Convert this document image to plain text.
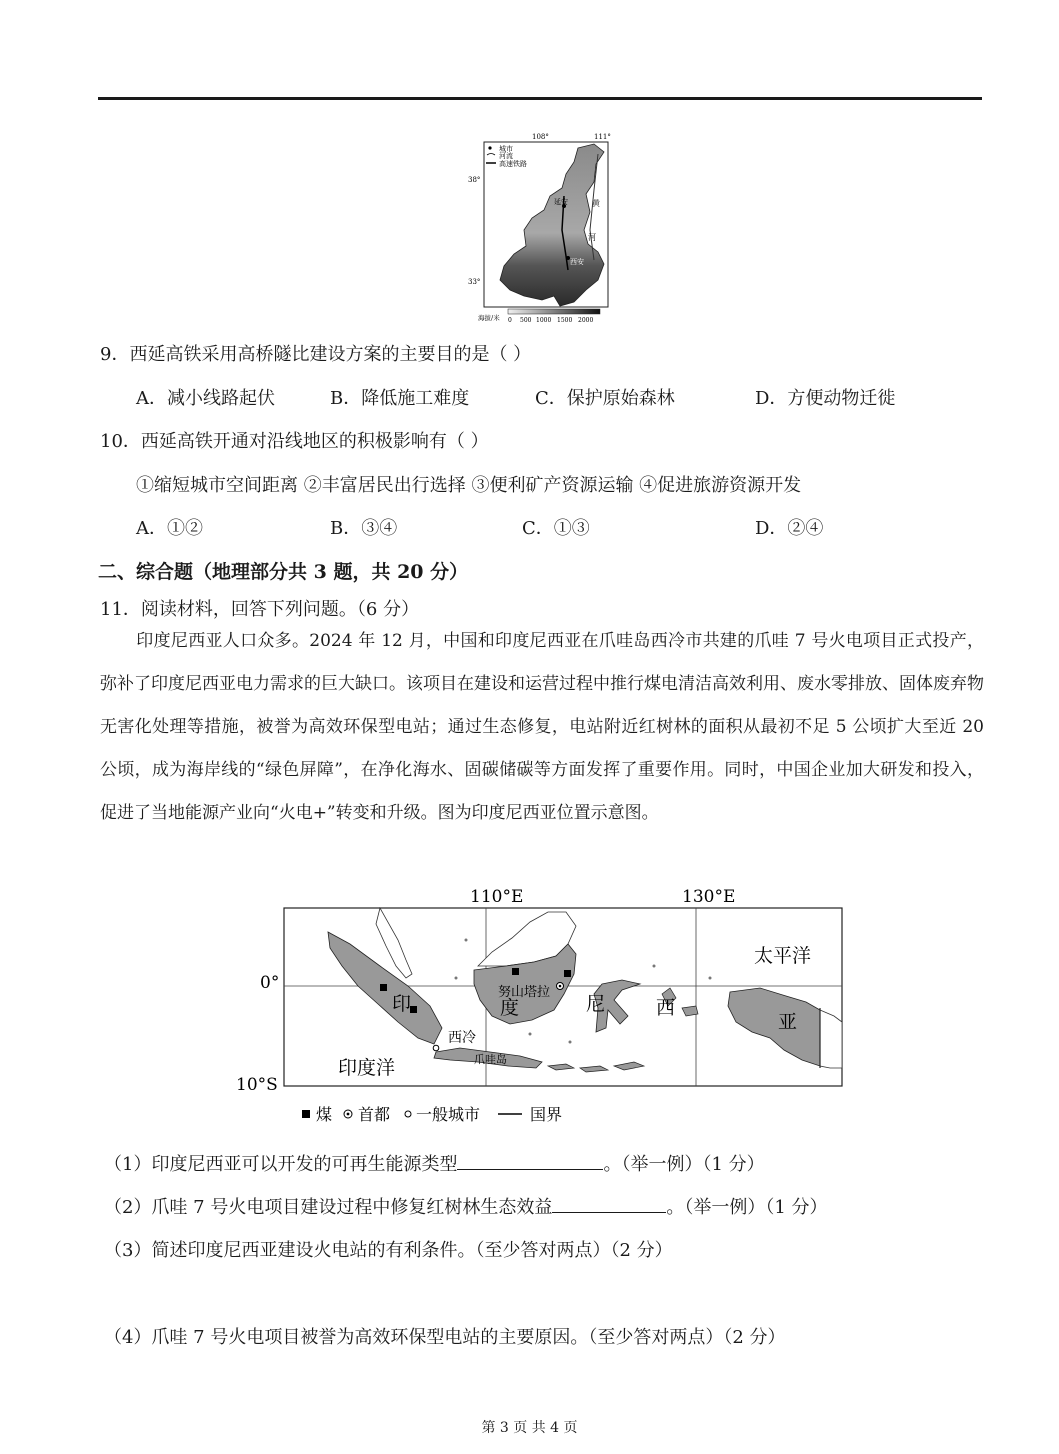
城市
河流
高速铁路
108°	111°
38°
33°
延安
西安
黄
河
海拔/米 0 500 1000 1500 2000
9．西延高铁采用高桥隧比建设方案的主要目的是（ ）
A．减小线路起伏	B．降低施工难度	C．保护原始森林	D．方便动物迁徙
10．西延高铁开通对沿线地区的积极影响有（ ）
①缩短城市空间距离 ②丰富居民出行选择 ③便利矿产资源运输 ④促进旅游资源开发
A．①②	B．③④	C．①③	D．②④
二、综合题（地理部分共 3 题，共 20 分）
11．阅读材料，回答下列问题。（6 分）
印度尼西亚人口众多。2024 年 12 月，中国和印度尼西亚在爪哇岛西冷市共建的爪哇 7 号火电项目正式投产，弥补了印度尼西亚电力需求的巨大缺口。该项目在建设和运营过程中推行煤电清洁高效利用、废水零排放、固体废弃物无害化处理等措施，被誉为高效环保型电站；通过生态修复，电站附近红树林的面积从最初不足 5 公顷扩大至近 20 公顷，成为海岸线的“绿色屏障”，在净化海水、固碳储碳等方面发挥了重要作用。同时，中国企业加大研发和投入，促进了当地能源产业向“火电+”转变和升级。图为印度尼西亚位置示意图。
110°E	130°E
0°
10°S
太平洋
印度洋
印	度	尼	西
亚
努山塔拉
西冷
爪哇岛
煤 首都 一般城市	国界
（1）印度尼西亚可以开发的可再生能源类型	。（举一例）（1 分）
（2）爪哇 7 号火电项目建设过程中修复红树林生态效益	。（举一例）（1 分）
（3）简述印度尼西亚建设火电站的有利条件。（至少答对两点）（2 分）
（4）爪哇 7 号火电项目被誉为高效环保型电站的主要原因。（至少答对两点）（2 分）
第 3 页 共 4 页
